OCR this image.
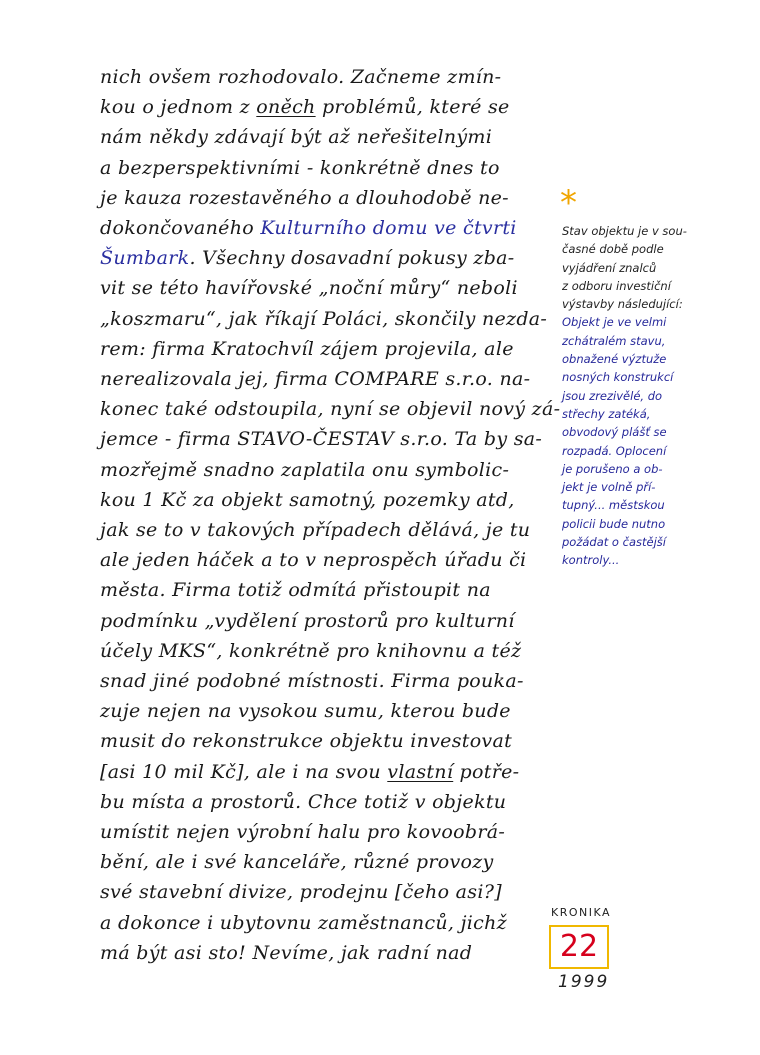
nich ovšem rozhodovalo. Začneme zmín-
kou o jednom z oněch problémů, které se
nám někdy zdávají být až neřešitelnými
a bezperspektivními - konkrétně dnes to
je kauza rozestavěného a dlouhodobě ne-
dokončovaného Kulturního domu ve čtvrti
Šumbark. Všechny dosavadní pokusy zba-
vit se této havířovské „noční můry“ neboli
„koszmaru“, jak říkají Poláci, skončily nezda-
rem: firma Kratochvíl zájem projevila, ale
nerealizovala jej, firma COMPARE s.r.o. na-
konec také odstoupila, nyní se objevil nový zá-
jemce - firma STAVO-ČESTAV s.r.o. Ta by sa-
mozřejmě snadno zaplatila onu symbolic-
kou 1 Kč za objekt samotný, pozemky atd,
jak se to v takových případech dělává, je tu
ale jeden háček a to v neprospěch úřadu či
města. Firma totiž odmítá přistoupit na
podmínku „vydělení prostorů pro kulturní
účely MKS“, konkrétně pro knihovnu a též
snad jiné podobné místnosti. Firma pouka-
zuje nejen na vysokou sumu, kterou bude
musit do rekonstrukce objektu investovat
[asi 10 mil Kč], ale i na svou vlastní potře-
bu místa a prostorů. Chce totiž v objektu
umístit nejen výrobní halu pro kovoobrá-
bění, ale i své kanceláře, různé provozy
své stavební divize, prodejnu [čeho asi?]
a dokonce i ubytovnu zaměstnanců, jichž
má být asi sto! Nevíme, jak radní nad
*
Stav objektu je v sou-
časné době podle
vyjádření znalců
z odboru investiční
výstavby následující:
Objekt je ve velmi
zchátralém stavu,
obnažené výztuže
nosných konstrukcí
jsou zrezivělé, do
střechy zatéká,
obvodový plášť se
rozpadá. Oplocení
je porušeno a ob-
jekt je volně pří-
tupný... městskou
policii bude nutno
požádat o častější
kontroly...
KRONIKA
22
1999
